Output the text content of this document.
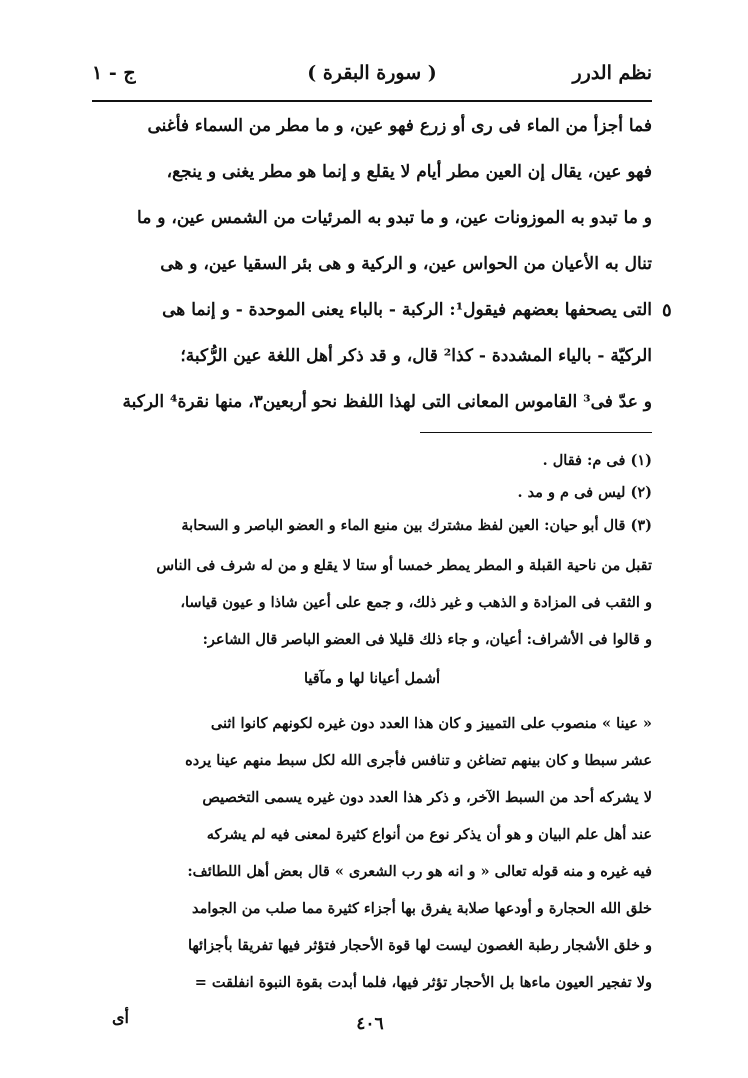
نظم الدرر
( سورة البقرة )
ج - ١
فما أجزأ من الماء فى رى أو زرع فهو عين، و ما مطر من السماء فأغنى
فهو عين، يقال إن العين مطر أيام لا يقلع و إنما هو مطر يغنى و ينجع،
و ما تبدو به الموزونات عين، و ما تبدو به المرئيات من الشمس عين، و ما
تنال به الأعيان من الحواس عين، و الركية و هى بئر السقيا عين، و هى
التى يصحفها بعضهم فيقول¹: الركبة - بالباء يعنى الموحدة - و إنما هى
الركيّة - بالياء المشددة - كذا² قال، و قد ذكر أهل اللغة عين الرُّكبة؛
و عدّ فى³ القاموس المعانى التى لهذا اللفظ نحو أربعين٣، منها نقرة⁴ الركبة
٥
(١) فى م: فقال .
(٢) ليس فى م و مد .
(٣) قال أبو حيان: العين لفظ مشترك بين منبع الماء و العضو الباصر و السحابة
تقبل من ناحية القبلة و المطر يمطر خمسا أو ستا لا يقلع و من له شرف فى الناس
و الثقب فى المزادة و الذهب و غير ذلك، و جمع على أعين شاذا و عيون قياسا،
و قالوا فى الأشراف: أعيان، و جاء ذلك قليلا فى العضو الباصر قال الشاعر:
أشمل أعيانا لها و مآقيا
« عينا » منصوب على التمييز و كان هذا العدد دون غيره لكونهم كانوا اثنى
عشر سبطا و كان بينهم تضاغن و تنافس فأجرى الله لكل سبط منهم عينا يرده
لا يشركه أحد من السبط الآخر، و ذكر هذا العدد دون غيره يسمى التخصيص
عند أهل علم البيان و هو أن يذكر نوع من أنواع كثيرة لمعنى فيه لم يشركه
فيه غيره و منه قوله تعالى « و انه هو رب الشعرى » قال بعض أهل اللطائف:
خلق الله الحجارة و أودعها صلابة يفرق بها أجزاء كثيرة مما صلب من الجوامد
و خلق الأشجار رطبة الغصون ليست لها قوة الأحجار فتؤثر فيها تفريقا بأجزائها
ولا تفجير العيون ماءها بل الأحجار تؤثر فيها، فلما أبدت بقوة النبوة انفلقت =
٤٠٦
أى
